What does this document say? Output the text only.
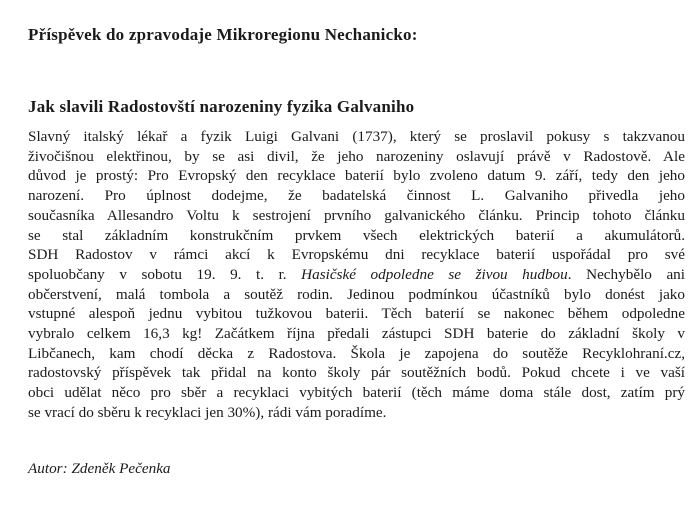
Příspěvek do zpravodaje Mikroregionu Nechanicko:
Jak slavili Radostovští narozeniny fyzika Galvaniho
Slavný italský lékař a fyzik Luigi Galvani (1737), který se proslavil pokusy s takzvanou
živočišnou elektřinou, by se asi divil, že jeho narozeniny oslavují právě v Radostově. Ale
důvod je prostý: Pro Evropský den recyklace baterií bylo zvoleno datum 9. září, tedy den jeho
narození. Pro úplnost dodejme, že badatelská činnost L. Galvaniho přivedla jeho
současníka Allesandro Voltu k sestrojení prvního galvanického článku. Princip tohoto článku
se stal základním konstrukčním prvkem všech elektrických baterií a akumulátorů.
SDH Radostov v rámci akcí k Evropskému dni recyklace baterií uspořádal pro své
spoluobčany v sobotu 19. 9. t. r. Hasičské odpoledne se živou hudbou. Nechybělo ani
občerstvení, malá tombola a soutěž rodin. Jedinou podmínkou účastníků bylo donést jako
vstupné alespoň jednu vybitou tužkovou baterii. Těch baterií se nakonec během odpoledne
vybralo celkem 16,3 kg! Začátkem října předali zástupci SDH baterie do základní školy v
Libčanech, kam chodí děcka z Radostova. Škola je zapojena do soutěže Recyklohraní.cz,
radostovský příspěvek tak přidal na konto školy pár soutěžních bodů. Pokud chcete i ve vaší
obci udělat něco pro sběr a recyklaci vybitých baterií (těch máme doma stále dost, zatím prý
se vrací do sběru k recyklaci jen 30%), rádi vám poradíme.
Autor: Zdeněk Pečenka
